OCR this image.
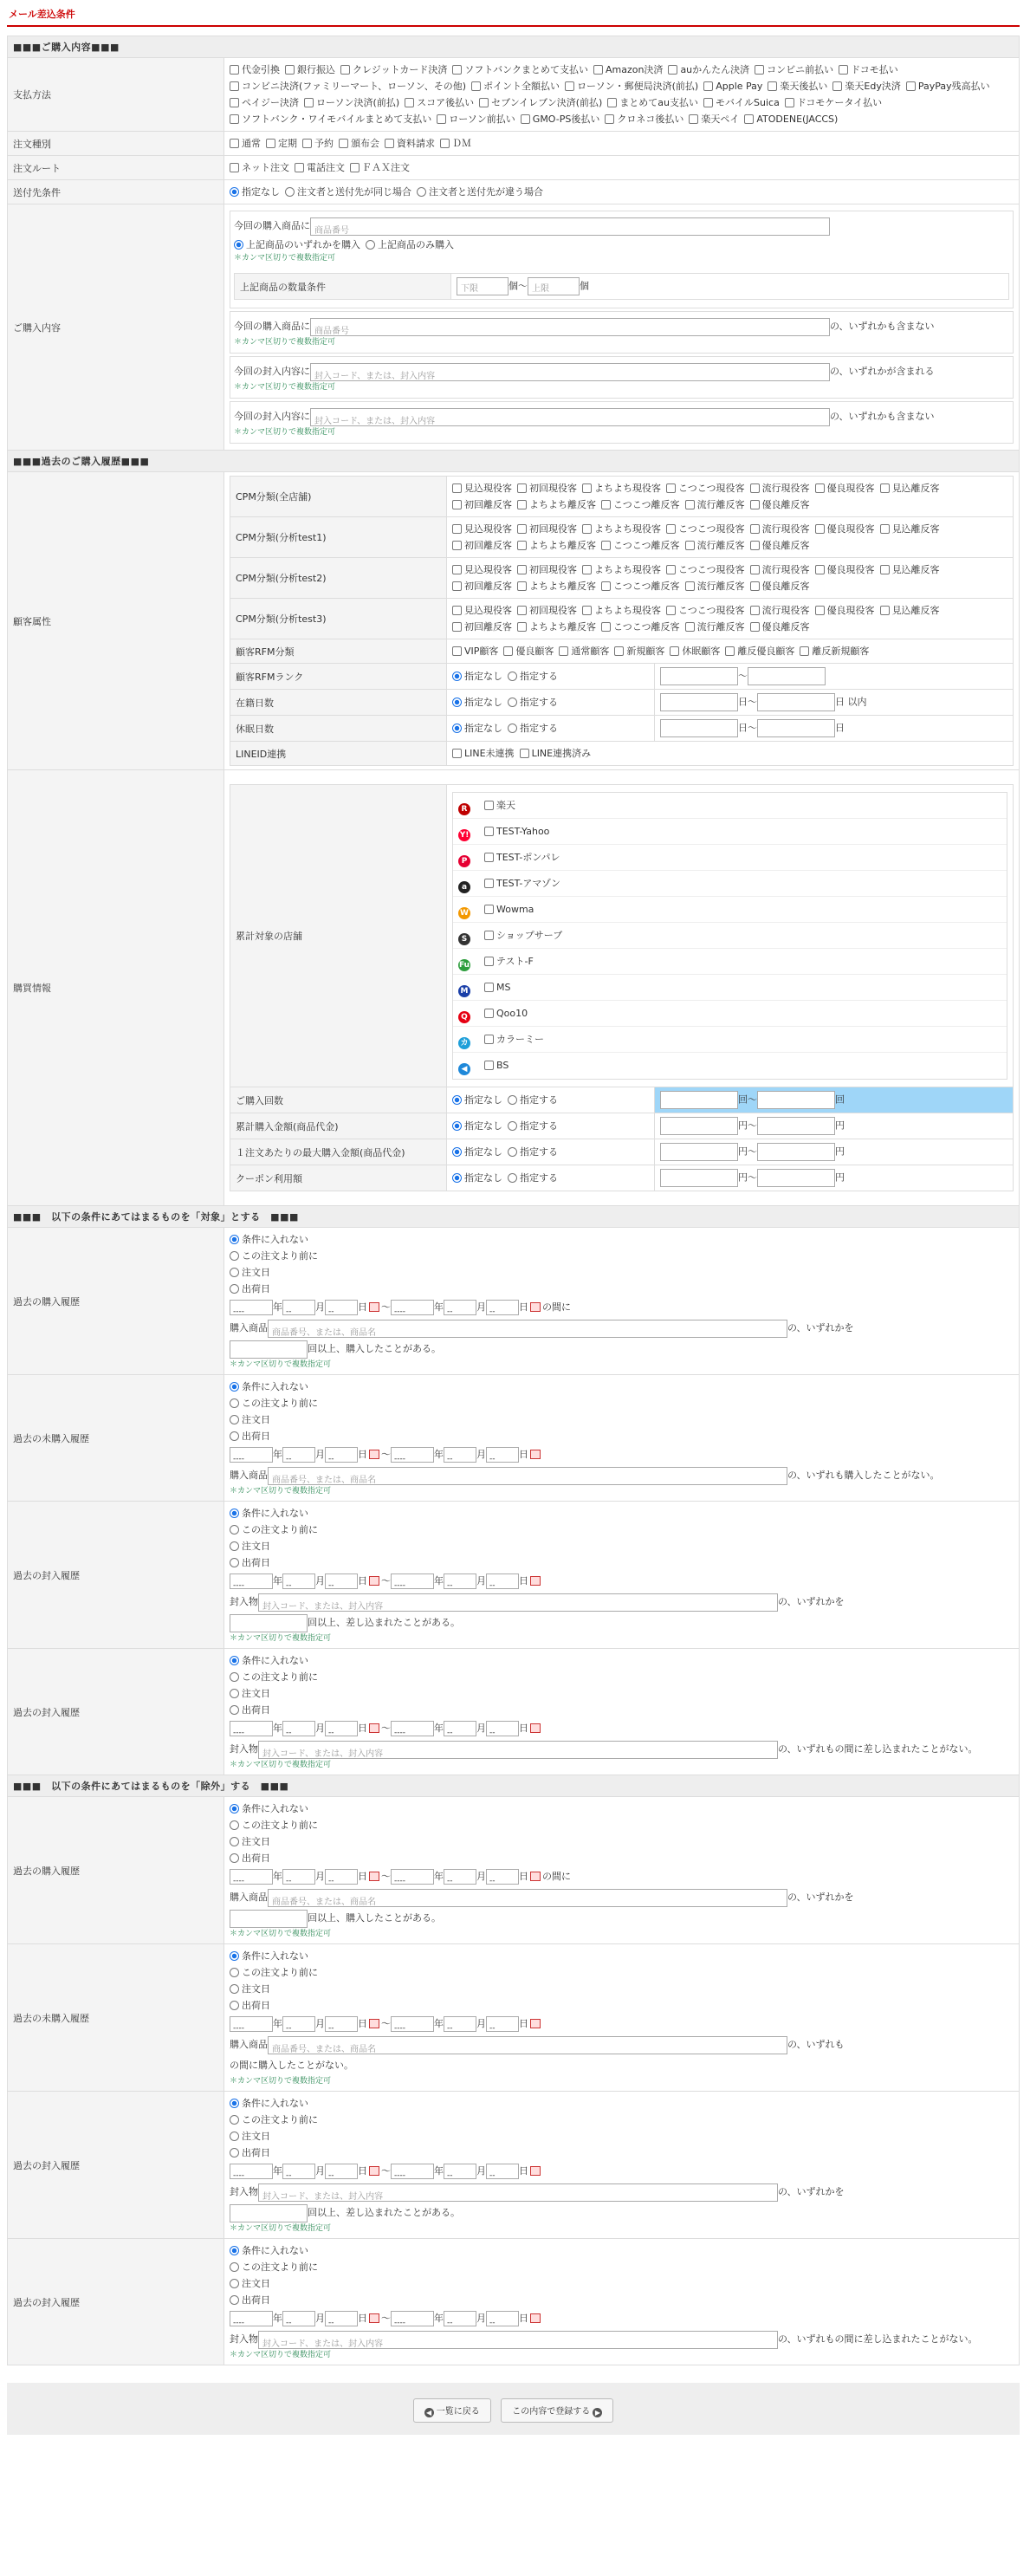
メール差込条件
■■■ご購入内容■■■
支払方法	代金引換 銀行振込 クレジットカード決済 ソフトバンクまとめて支払い Amazon決済 auかんたん決済 コンビニ前払い ドコモ払いコンビニ決済(ファミリーマート、ローソン、その他) ポイント全額払い ローソン・郵便局決済(前払) Apple Pay 楽天後払い 楽天Edy決済 PayPay残高払いペイジー決済 ローソン決済(前払) スコア後払い セブンイレブン決済(前払) まとめてau支払い モバイルSuica ドコモケータイ払いソフトバンク・ワイモバイルまとめて支払い ローソン前払い GMO-PS後払い クロネコ後払い 楽天ペイ ATODENE(JACCS)
注文種別	通常 定期 予約 頒布会 資料請求 ＤＭ
注文ルート	ネット注文 電話注文 ＦＡＸ注文
送付先条件	指定なし 注文者と送付先が同じ場合 注文者と送付先が違う場合
ご購入内容	
今回の購入商品に 商品番号
上記商品のいずれかを購入 上記商品のみ購入
＊カンマ区切りで複数指定可
上記商品の数量条件	下限	個～ 上限	個
今回の購入商品に 商品番号	の、いずれかも含まない
＊カンマ区切りで複数指定可
今回の封入内容に 封入コード、または、封入内容	の、いずれかが含まれる
＊カンマ区切りで複数指定可
今回の封入内容に 封入コード、または、封入内容	の、いずれかも含まない
＊カンマ区切りで複数指定可

■■■過去のご購入履歴■■■
顧客属性	
CPM分類(全店舗)	見込現役客 初回現役客 よちよち現役客 こつこつ現役客 流行現役客 優良現役客 見込離反客初回離反客 よちよち離反客 こつこつ離反客 流行離反客 優良離反客
CPM分類(分析test1)	見込現役客 初回現役客 よちよち現役客 こつこつ現役客 流行現役客 優良現役客 見込離反客初回離反客 よちよち離反客 こつこつ離反客 流行離反客 優良離反客
CPM分類(分析test2)	見込現役客 初回現役客 よちよち現役客 こつこつ現役客 流行現役客 優良現役客 見込離反客初回離反客 よちよち離反客 こつこつ離反客 流行離反客 優良離反客
CPM分類(分析test3)	見込現役客 初回現役客 よちよち現役客 こつこつ現役客 流行現役客 優良現役客 見込離反客初回離反客 よちよち離反客 こつこつ離反客 流行離反客 優良離反客
顧客RFM分類	VIP顧客 優良顧客 通常顧客 新規顧客 休眠顧客 離反優良顧客 離反新規顧客
顧客RFMランク	指定なし 指定する	～
在籍日数	指定なし 指定する	日～	日 以内
休眠日数	指定なし 指定する	日～	日
LINEID連携	LINE未連携 LINE連携済み

購買情報	
累計対象の店舗	
R	楽天
Y!	TEST-Yahoo
P	TEST-ポンパレ
a	TEST-アマゾン
W	Wowma
S	ショップサーブ
Fu	テスト-F
M	MS
Q	Qoo10
カ	カラーミー
◀	BS

ご購入回数	指定なし 指定する	回～	回
累計購入金額(商品代金)	指定なし 指定する	円～	円
１注文あたりの最大購入金額(商品代金)	指定なし 指定する	円～	円
クーポン利用額	指定なし 指定する	円～	円

■■■　以下の条件にあてはまるものを「対象」とする　■■■
過去の購入履歴	
条件に入れない
この注文より前に
注文日
出荷日
----	年 --	月 --	日 ～ ----	年 --	月 --	日 の間に
購入商品 商品番号、または、商品名	の、いずれかを
回以上、購入したことがある。
＊カンマ区切りで複数指定可

過去の未購入履歴	
条件に入れない
この注文より前に
注文日
出荷日
----	年 --	月 --	日 ～ ----	年 --	月 --	日
購入商品 商品番号、または、商品名	の、いずれも購入したことがない。
＊カンマ区切りで複数指定可

過去の封入履歴	
条件に入れない
この注文より前に
注文日
出荷日
----	年 --	月 --	日 ～ ----	年 --	月 --	日
封入物 封入コード、または、封入内容	の、いずれかを
回以上、差し込まれたことがある。
＊カンマ区切りで複数指定可

過去の封入履歴	
条件に入れない
この注文より前に
注文日
出荷日
----	年 --	月 --	日 ～ ----	年 --	月 --	日
封入物 封入コード、または、封入内容	の、いずれもの間に差し込まれたことがない。
＊カンマ区切りで複数指定可

■■■　以下の条件にあてはまるものを「除外」する　■■■
過去の購入履歴	
条件に入れない
この注文より前に
注文日
出荷日
----	年 --	月 --	日 ～ ----	年 --	月 --	日 の間に
購入商品 商品番号、または、商品名	の、いずれかを
回以上、購入したことがある。
＊カンマ区切りで複数指定可

過去の未購入履歴	
条件に入れない
この注文より前に
注文日
出荷日
----	年 --	月 --	日 ～ ----	年 --	月 --	日
購入商品 商品番号、または、商品名	の、いずれも
の間に購入したことがない。
＊カンマ区切りで複数指定可

過去の封入履歴	
条件に入れない
この注文より前に
注文日
出荷日
----	年 --	月 --	日 ～ ----	年 --	月 --	日
封入物 封入コード、または、封入内容	の、いずれかを
回以上、差し込まれたことがある。
＊カンマ区切りで複数指定可

過去の封入履歴	
条件に入れない
この注文より前に
注文日
出荷日
----	年 --	月 --	日 ～ ----	年 --	月 --	日
封入物 封入コード、または、封入内容	の、いずれもの間に差し込まれたことがない。
＊カンマ区切りで複数指定可
◀ 一覧に戻る	この内容で登録する ▶
